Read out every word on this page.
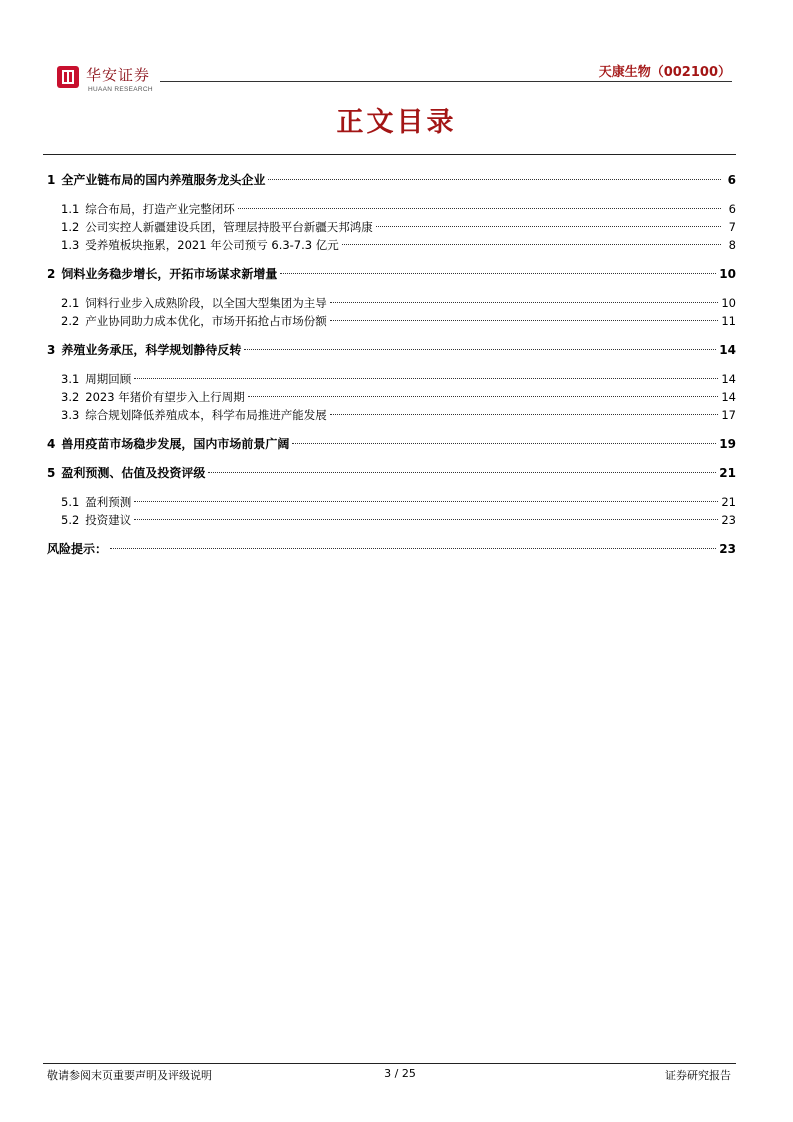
华安证券
HUAAN RESEARCH
天康生物（002100）
正文目录
1 全产业链布局的国内养殖服务龙头企业	6
1.1 综合布局，打造产业完整闭环	6
1.2 公司实控人新疆建设兵团，管理层持股平台新疆天邦鸿康	7
1.3 受养殖板块拖累，2021 年公司预亏 6.3-7.3 亿元	8
2 饲料业务稳步增长，开拓市场谋求新增量	10
2.1 饲料行业步入成熟阶段，以全国大型集团为主导	10
2.2 产业协同助力成本优化，市场开拓抢占市场份额	11
3 养殖业务承压，科学规划静待反转	14
3.1 周期回顾	14
3.2 2023 年猪价有望步入上行周期	14
3.3 综合规划降低养殖成本，科学布局推进产能发展	17
4 兽用疫苗市场稳步发展，国内市场前景广阔	19
5 盈利预测、估值及投资评级	21
5.1 盈利预测	21
5.2 投资建议	23
风险提示：	23
敬请参阅末页重要声明及评级说明	3 / 25	证券研究报告
